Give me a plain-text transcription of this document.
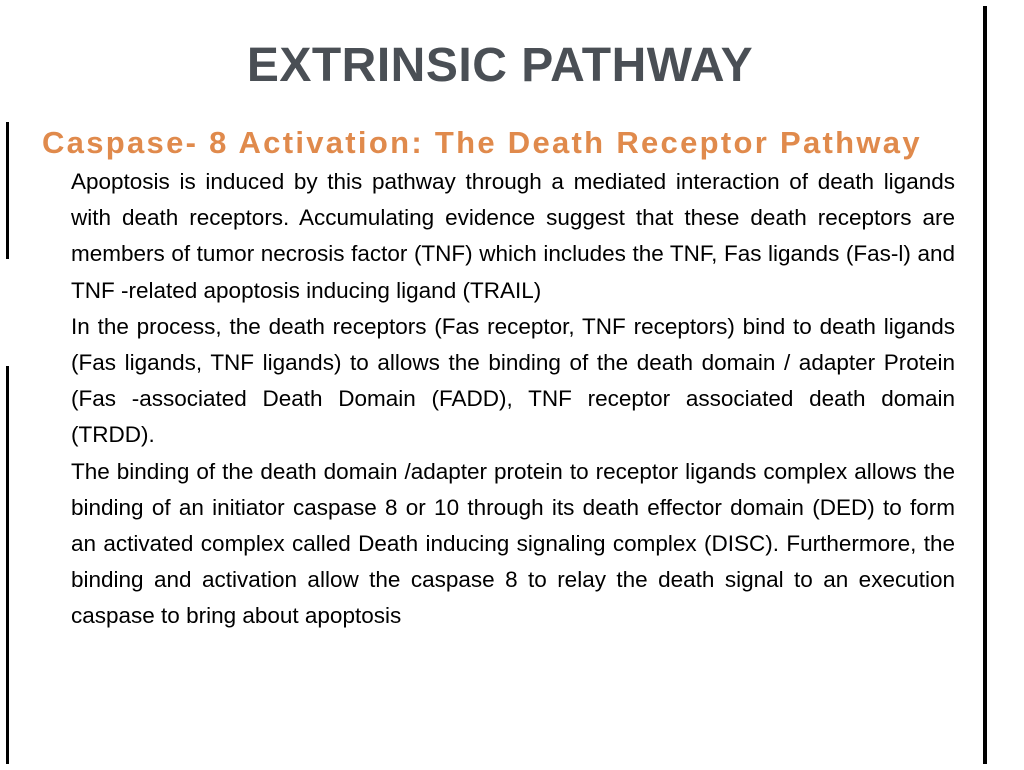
EXTRINSIC PATHWAY
Caspase- 8 Activation: The Death Receptor Pathway

Apoptosis is induced by this pathway through a mediated interaction of death ligands with death receptors. Accumulating evidence suggest that these death receptors are members of tumor necrosis factor (TNF) which includes the TNF, Fas ligands (Fas-l) and TNF -related apoptosis inducing ligand (TRAIL)

In the process, the death receptors (Fas receptor, TNF receptors) bind to death ligands (Fas ligands, TNF ligands) to allows the binding of the death domain / adapter Protein (Fas -associated Death Domain (FADD), TNF receptor associated death domain (TRDD).

The binding of the death domain /adapter protein to receptor ligands complex allows the binding of an initiator caspase 8 or 10 through its death effector domain (DED) to form an activated complex called Death inducing signaling complex (DISC). Furthermore, the binding and activation allow the caspase 8 to relay the death signal to an execution caspase to bring about apoptosis
